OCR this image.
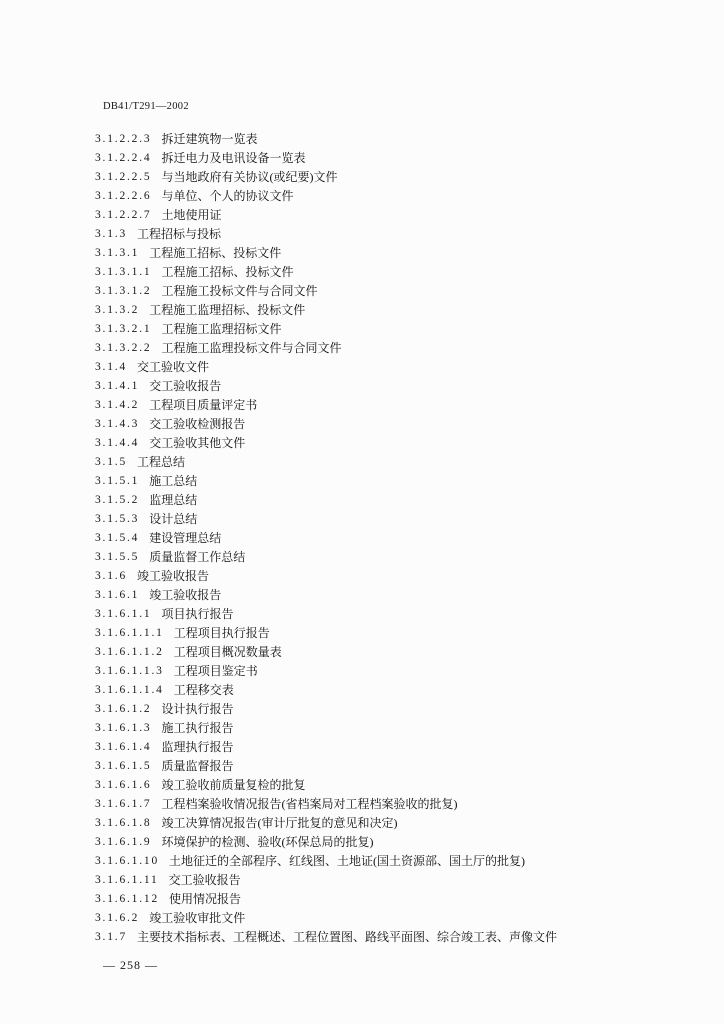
DB41/T291—2002
3.1.2.2.3 拆迁建筑物一览表
3.1.2.2.4 拆迁电力及电讯设备一览表
3.1.2.2.5 与当地政府有关协议(或纪要)文件
3.1.2.2.6 与单位、个人的协议文件
3.1.2.2.7 土地使用证
3.1.3 工程招标与投标
3.1.3.1 工程施工招标、投标文件
3.1.3.1.1 工程施工招标、投标文件
3.1.3.1.2 工程施工投标文件与合同文件
3.1.3.2 工程施工监理招标、投标文件
3.1.3.2.1 工程施工监理招标文件
3.1.3.2.2 工程施工监理投标文件与合同文件
3.1.4 交工验收文件
3.1.4.1 交工验收报告
3.1.4.2 工程项目质量评定书
3.1.4.3 交工验收检测报告
3.1.4.4 交工验收其他文件
3.1.5 工程总结
3.1.5.1 施工总结
3.1.5.2 监理总结
3.1.5.3 设计总结
3.1.5.4 建设管理总结
3.1.5.5 质量监督工作总结
3.1.6 竣工验收报告
3.1.6.1 竣工验收报告
3.1.6.1.1 项目执行报告
3.1.6.1.1.1 工程项目执行报告
3.1.6.1.1.2 工程项目概况数量表
3.1.6.1.1.3 工程项目鉴定书
3.1.6.1.1.4 工程移交表
3.1.6.1.2 设计执行报告
3.1.6.1.3 施工执行报告
3.1.6.1.4 监理执行报告
3.1.6.1.5 质量监督报告
3.1.6.1.6 竣工验收前质量复检的批复
3.1.6.1.7 工程档案验收情况报告(省档案局对工程档案验收的批复)
3.1.6.1.8 竣工决算情况报告(审计厅批复的意见和决定)
3.1.6.1.9 环境保护的检测、验收(环保总局的批复)
3.1.6.1.10 土地征迁的全部程序、红线图、土地证(国土资源部、国土厅的批复)
3.1.6.1.11 交工验收报告
3.1.6.1.12 使用情况报告
3.1.6.2 竣工验收审批文件
3.1.7 主要技术指标表、工程概述、工程位置图、路线平面图、综合竣工表、声像文件
— 258 —
